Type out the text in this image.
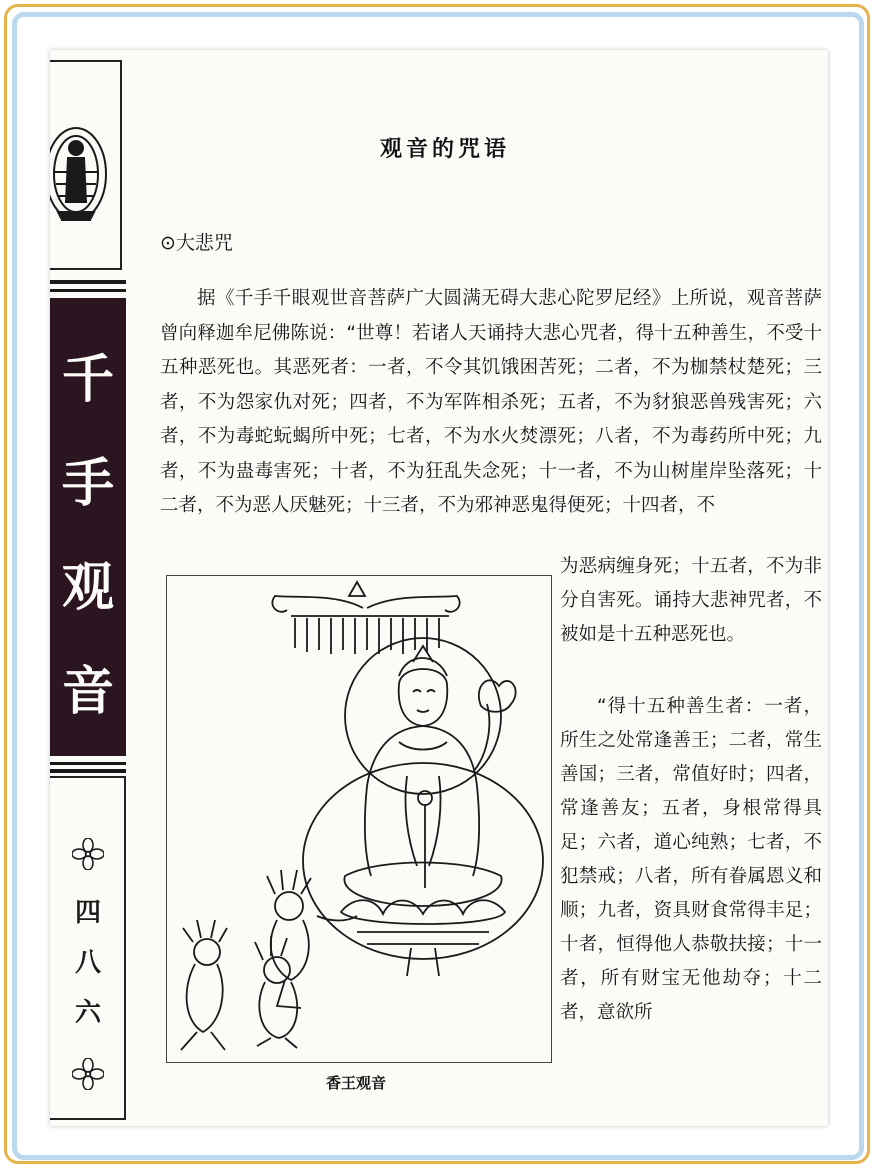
千
手
观
音
四
八
六
观音的咒语
⊙大悲咒
据《千手千眼观世音菩萨广大圆满无碍大悲心陀罗尼经》上所说，观音菩萨曾向释迦牟尼佛陈说：“世尊！若诸人天诵持大悲心咒者，得十五种善生，不受十五种恶死也。其恶死者：一者，不令其饥饿困苦死；二者，不为枷禁杖楚死；三者，不为怨家仇对死；四者，不为军阵相杀死；五者，不为豺狼恶兽残害死；六者，不为毒蛇蚖蝎所中死；七者，不为水火焚漂死；八者，不为毒药所中死；九者，不为蛊毒害死；十者，不为狂乱失念死；十一者，不为山树崖岸坠落死；十二者，不为恶人厌魅死；十三者，不为邪神恶鬼得便死；十四者，不
为恶病缠身死；十五者，不为非分自害死。诵持大悲神咒者，不被如是十五种恶死也。
“得十五种善生者：一者，所生之处常逢善王；二者，常生善国；三者，常值好时；四者，常逢善友；五者，身根常得具足；六者，道心纯熟；七者，不犯禁戒；八者，所有眷属恩义和顺；九者，资具财食常得丰足；十者，恒得他人恭敬扶接；十一者，所有财宝无他劫夺；十二者，意欲所
香王观音
